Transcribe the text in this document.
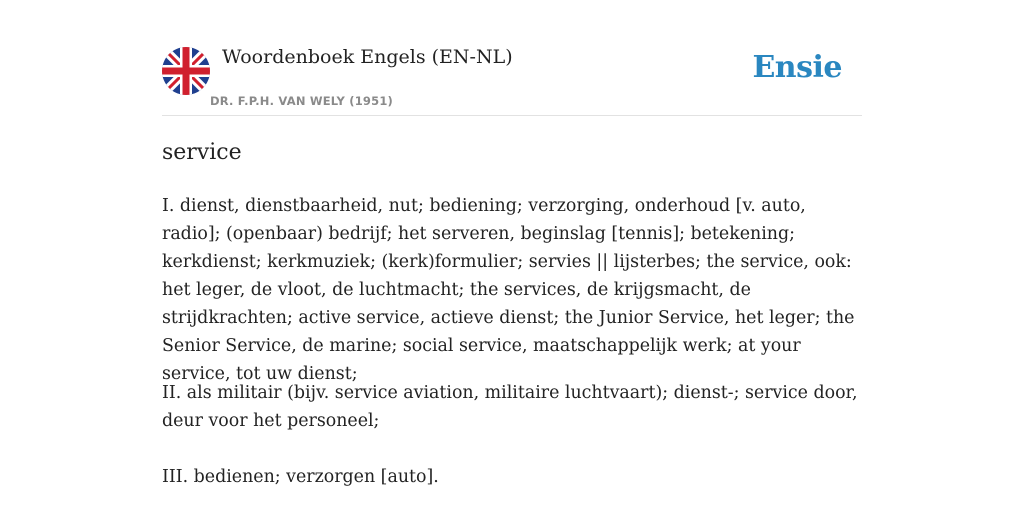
Woordenboek Engels (EN-NL)
DR. F.P.H. VAN WELY (1951)
Ensie
service
I. dienst, dienstbaarheid, nut; bediening; verzorging, onderhoud [v. auto, radio]; (openbaar) bedrijf; het serveren, beginslag [tennis]; betekening; kerkdienst; kerkmuziek; (kerk)formulier; servies || lijsterbes; the service, ook: het leger, de vloot, de luchtmacht; the services, de krijgsmacht, de strijdkrachten; active service, actieve dienst; the Junior Service, het leger; the Senior Service, de marine; social service, maatschappelijk werk; at your service, tot uw dienst;
II. als militair (bijv. service aviation, militaire luchtvaart); dienst-; service door, deur voor het personeel;
III. bedienen; verzorgen [auto].
